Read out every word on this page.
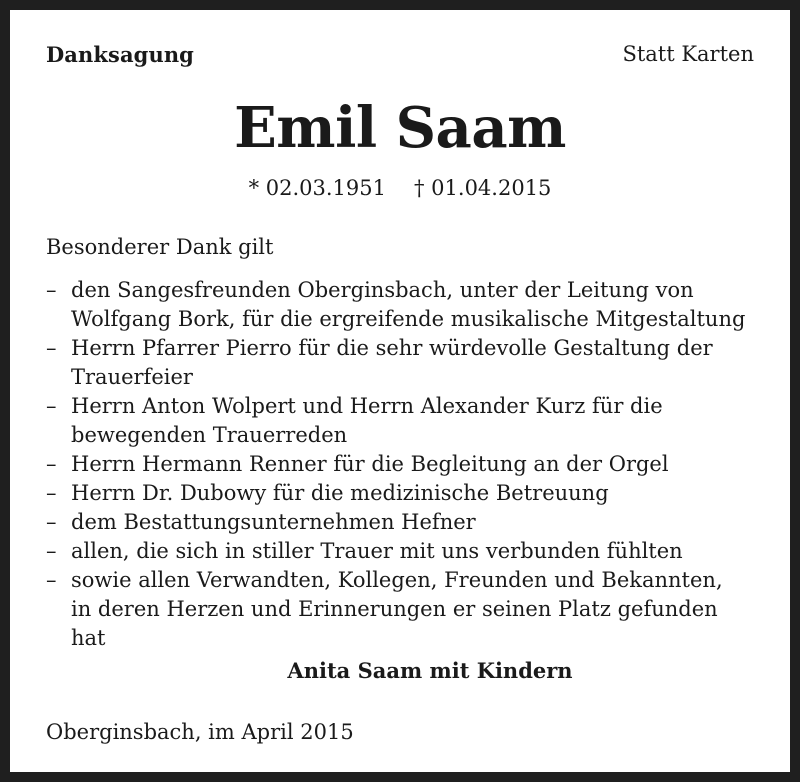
Danksagung	Statt Karten
Emil Saam
* 02.03.1951 † 01.04.2015
Besonderer Dank gilt
– den Sangesfreunden Oberginsbach, unter der Leitung von
Wolfgang Bork, für die ergreifende musikalische Mitgestaltung
– Herrn Pfarrer Pierro für die sehr würdevolle Gestaltung der
Trauerfeier
– Herrn Anton Wolpert und Herrn Alexander Kurz für die
bewegenden Trauerreden
– Herrn Hermann Renner für die Begleitung an der Orgel
– Herrn Dr. Dubowy für die medizinische Betreuung
– dem Bestattungsunternehmen Hefner
– allen, die sich in stiller Trauer mit uns verbunden fühlten
– sowie allen Verwandten, Kollegen, Freunden und Bekannten,
in deren Herzen und Erinnerungen er seinen Platz gefunden
hat
Anita Saam mit Kindern
Oberginsbach, im April 2015
